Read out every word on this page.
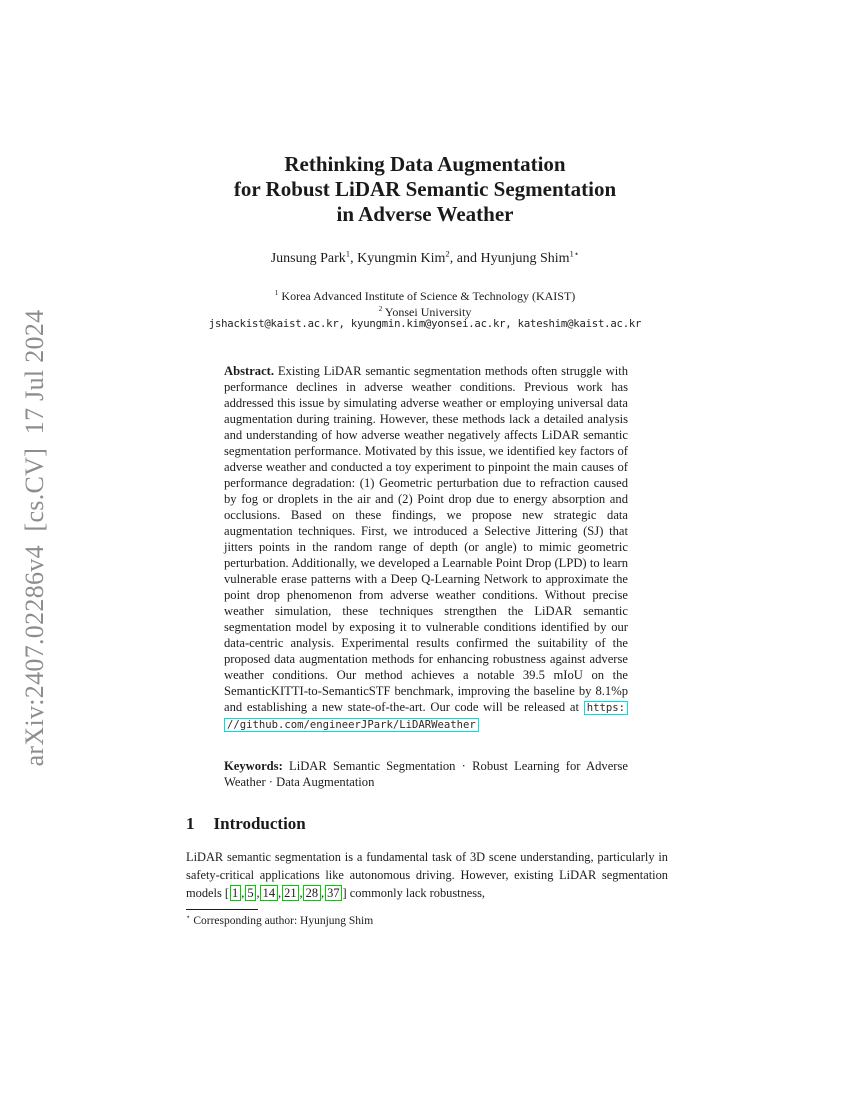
arXiv:2407.02286v4  [cs.CV]  17 Jul 2024
Rethinking Data Augmentation
for Robust LiDAR Semantic Segmentation
in Adverse Weather
Junsung Park$^1$, Kyungmin Kim$^2$, and Hyunjung Shim$^{1⋆}$
$^1$ Korea Advanced Institute of Science & Technology (KAIST)
$^2$ Yonsei University
jshackist@kaist.ac.kr, kyungmin.kim@yonsei.ac.kr, kateshim@kaist.ac.kr

Abstract. Existing LiDAR semantic segmentation methods often struggle with performance declines in adverse weather conditions. Previous work has addressed this issue by simulating adverse weather or employing universal data augmentation during training. However, these methods lack a detailed analysis and understanding of how adverse weather negatively affects LiDAR semantic segmentation performance. Motivated by this issue, we identified key factors of adverse weather and conducted a toy experiment to pinpoint the main causes of performance degradation: (1) Geometric perturbation due to refraction caused by fog or droplets in the air and (2) Point drop due to energy absorption and occlusions. Based on these findings, we propose new strategic data augmentation techniques. First, we introduced a Selective Jittering (SJ) that jitters points in the random range of depth (or angle) to mimic geometric perturbation. Additionally, we developed a Learnable Point Drop (LPD) to learn vulnerable erase patterns with a Deep Q-Learning Network to approximate the point drop phenomenon from adverse weather conditions. Without precise weather simulation, these techniques strengthen the LiDAR semantic segmentation model by exposing it to vulnerable conditions identified by our data-centric analysis. Experimental results confirmed the suitability of the proposed data augmentation methods for enhancing robustness against adverse weather conditions. Our method achieves a notable 39.5 mIoU on the SemanticKITTI-to-SemanticSTF benchmark, improving the baseline by 8.1%p and establishing a new state-of-the-art. Our code will be released at https: //github.com/engineerJPark/LiDARWeather

Keywords: LiDAR Semantic Segmentation · Robust Learning for Adverse Weather · Data Augmentation

1 Introduction

LiDAR semantic segmentation is a fundamental task of 3D scene understanding, particularly in safety-critical applications like autonomous driving. However, existing LiDAR segmentation models [ 1 , 5 , 14 , 21 , 28 , 37 ] commonly lack robustness,

⋆ Corresponding author: Hyunjung Shim
